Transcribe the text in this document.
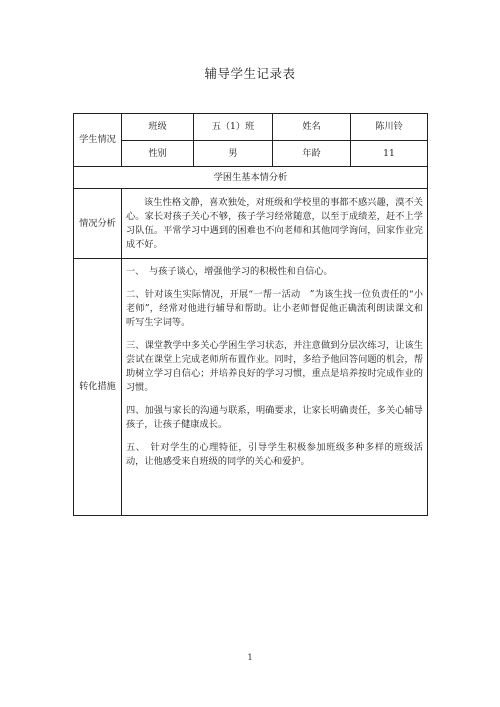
辅导学生记录表
学生情况	班级	五（1）班	姓名	陈川铃
	性别	男	年龄	11
学困生基本情分析				
情况分析	该生性格文静，喜欢独处，对班级和学校里的事都不感兴趣，漠不关心。家长对孩子关心不够，孩子学习经常随意，以至于成绩差，赶不上学习队伍。平常学习中遇到的困难也不向老师和其他同学询问，回家作业完成不好。			

转化措施	一、　与孩子谈心，增强他学习的积极性和自信心。

二、针对该生实际情况，开展“一帮一活动　”为该生找一位负责任的“小老师”，经常对他进行辅导和帮助。让小老师督促他正确流利朗读课文和听写生字词等。

三、课堂教学中多关心学困生学习状态，并注意做到分层次练习，让该生尝试在课堂上完成老师所布置作业。同时，多给予他回答问题的机会，帮助树立学习自信心；并培养良好的学习习惯，重点是培养按时完成作业的习惯。

四、加强与家长的沟通与联系，明确要求，让家长明确责任，多关心辅导孩子，让孩子健康成长。

五、　针对学生的心理特征，引导学生积极参加班级多种多样的班级活动，让他感受来自班级的同学的关心和爱护。			

1
